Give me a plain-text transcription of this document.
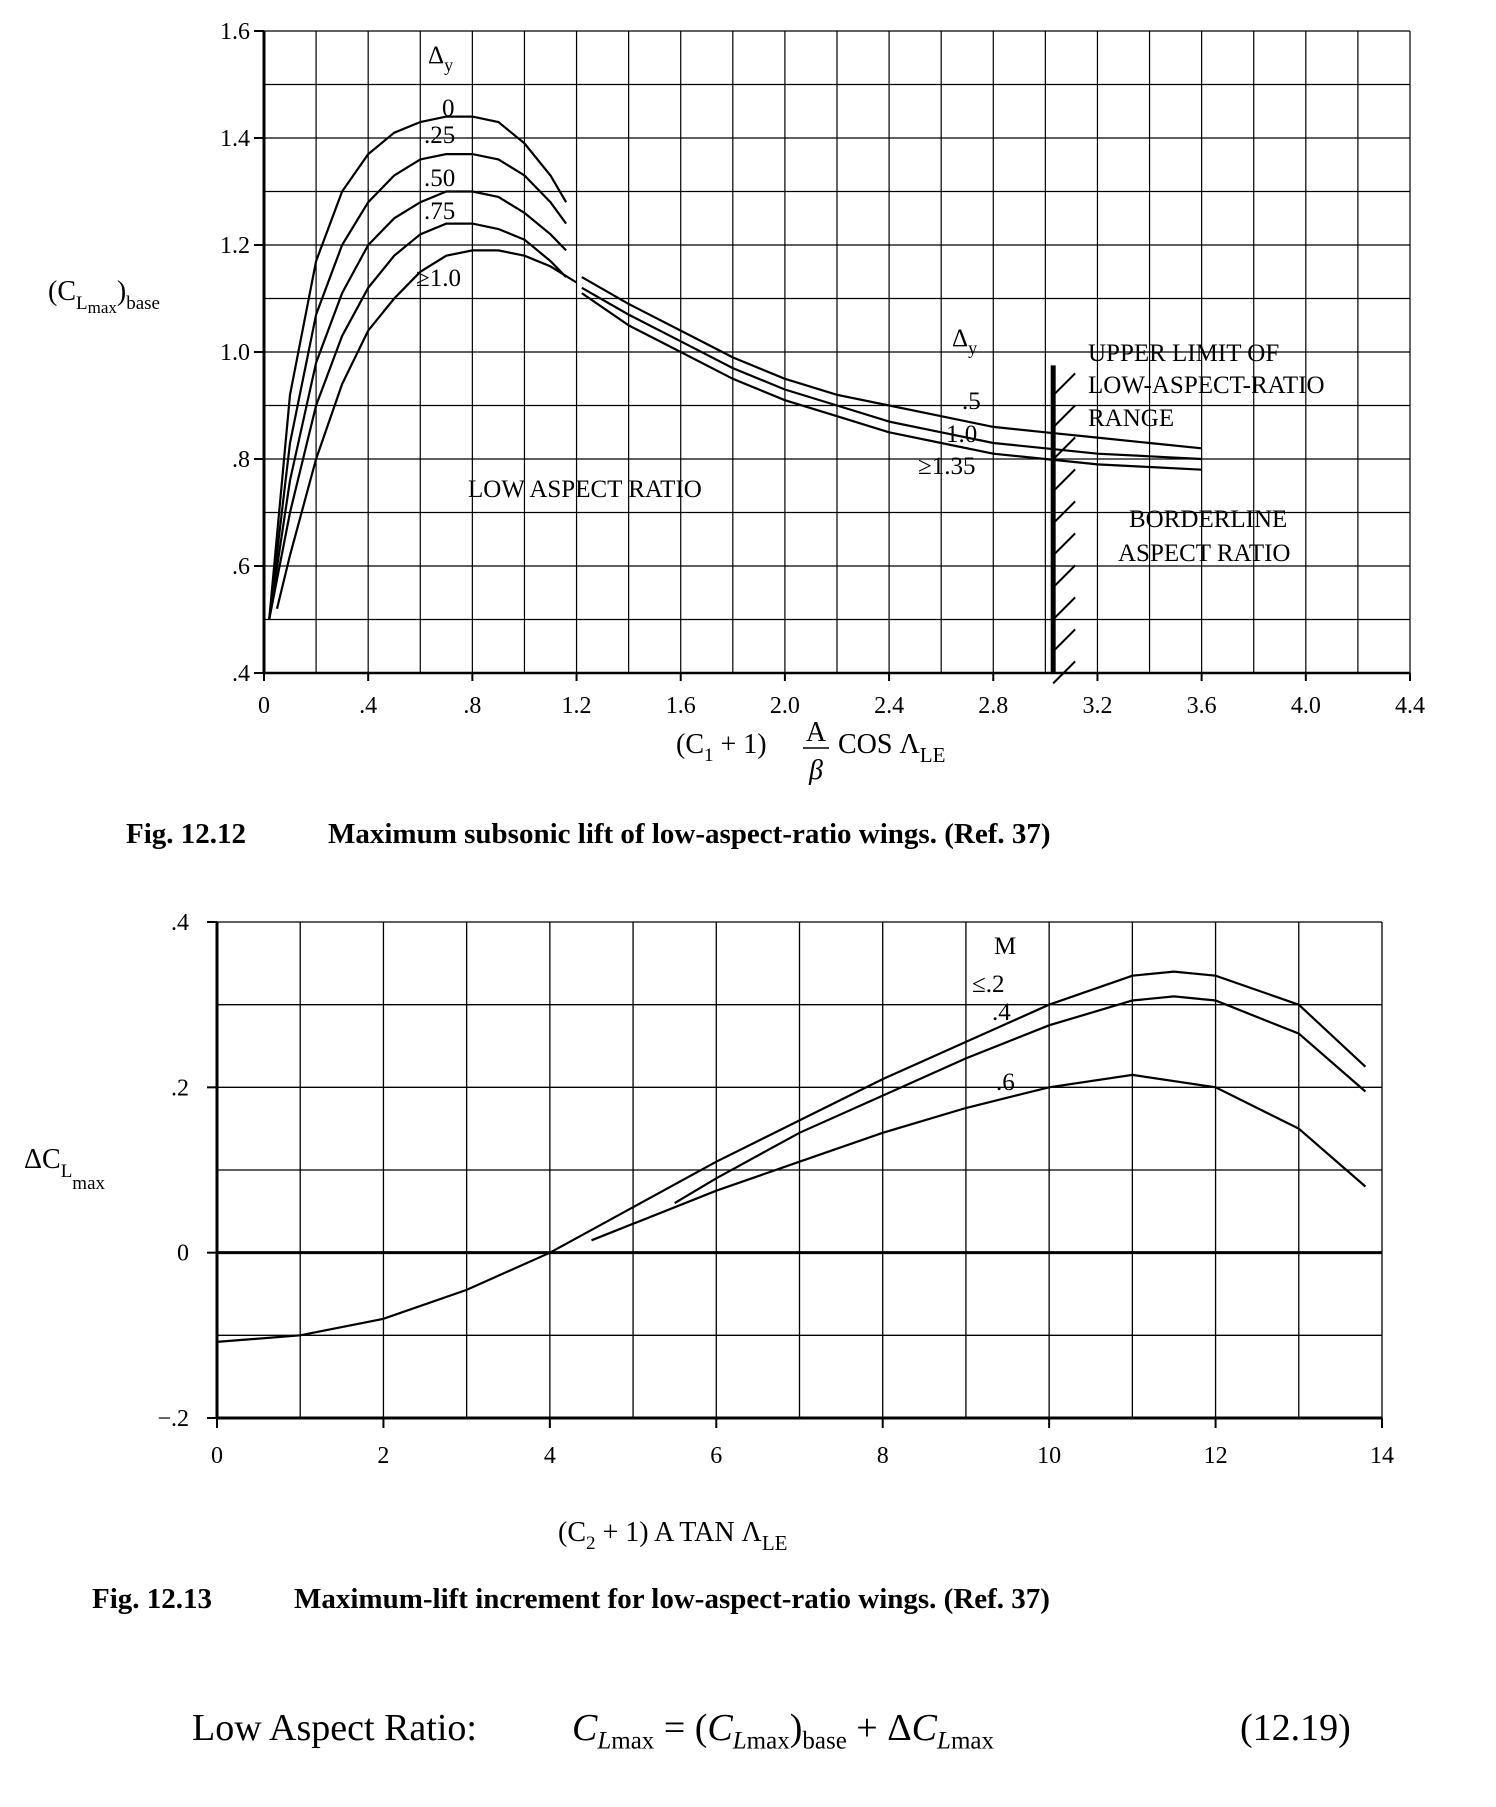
0	.4	.8	1.2	1.6	2.0	2.4	2.8	3.2	3.6	4.0	4.4
.4
.6
.8
1.0
1.2
1.4
1.6
$\Delta_y$
0
.25
.50
.75
≥1.0
$\Delta_y$
.5
1.0
≥1.35
LOW ASPECT RATIO
UPPER LIMIT OF
LOW-ASPECT-RATIO
RANGE
BORDERLINE
ASPECT RATIO
$(C_L\max)_{base}$
$(C_1 + 1)$ A
β
COS $\Lambda_{LE}$
Fig. 12.12	Maximum subsonic lift of low-aspect-ratio wings. (Ref. 37)
0	2	4	6	8	10	12	14
−.2
0
.2
.4
M
≤.2
.4
.6
$\Delta C_{Lmax}$
$(C_2 + 1)$ A TAN $\Lambda_{LE}$
Fig. 12.13	Maximum-lift increment for low-aspect-ratio wings. (Ref. 37)
Low Aspect Ratio:	$C_{Lmax} = (C_{Lmax})_{base} + \Delta C_{Lmax}$	(12.19)
